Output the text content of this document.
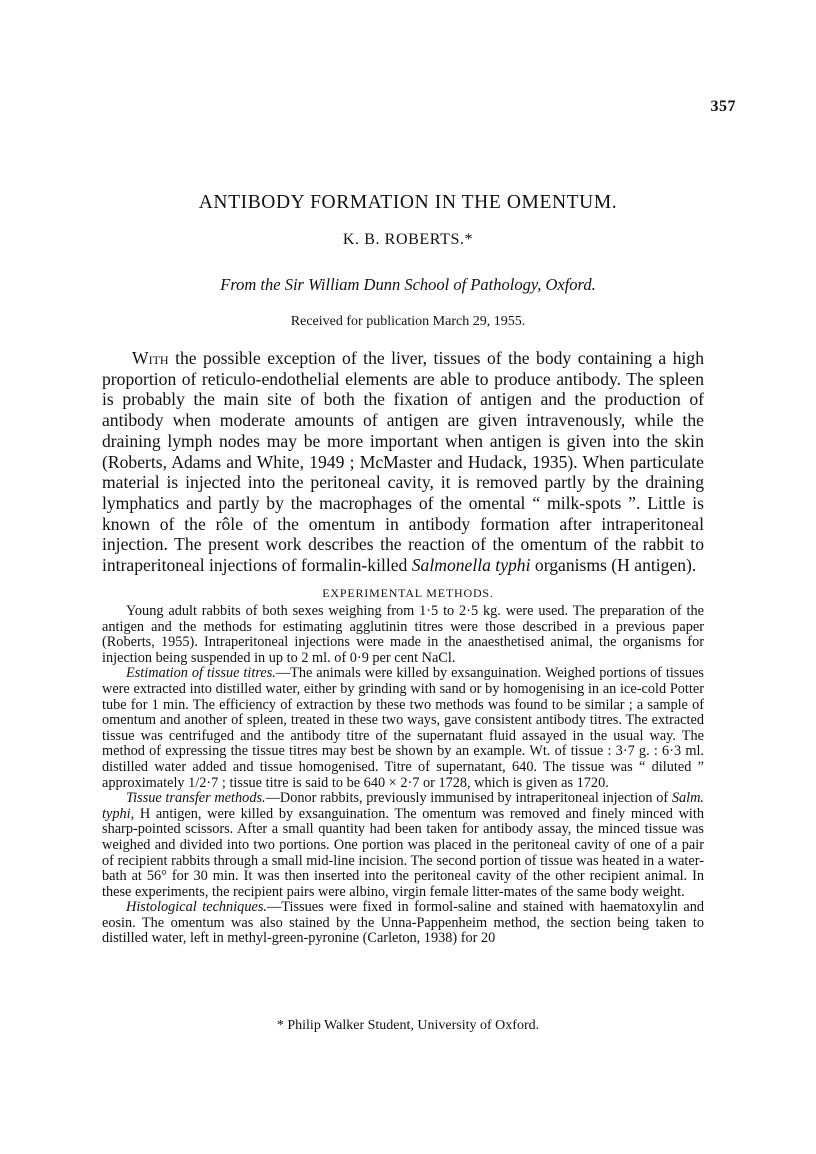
357
ANTIBODY FORMATION IN THE OMENTUM.
K. B. ROBERTS.*
From the Sir William Dunn School of Pathology, Oxford.
Received for publication March 29, 1955.

With the possible exception of the liver, tissues of the body containing a high proportion of reticulo-endothelial elements are able to produce antibody. The spleen is probably the main site of both the fixation of antigen and the production of antibody when moderate amounts of antigen are given intravenously, while the draining lymph nodes may be more important when antigen is given into the skin (Roberts, Adams and White, 1949 ; McMaster and Hudack, 1935). When particulate material is injected into the peritoneal cavity, it is removed partly by the draining lymphatics and partly by the macrophages of the omental “ milk-spots ”. Little is known of the rôle of the omentum in antibody formation after intraperitoneal injection. The present work describes the reaction of the omentum of the rabbit to intraperitoneal injections of formalin-killed Salmonella typhi organisms (H antigen).

EXPERIMENTAL METHODS.

Young adult rabbits of both sexes weighing from 1·5 to 2·5 kg. were used. The preparation of the antigen and the methods for estimating agglutinin titres were those described in a previous paper (Roberts, 1955). Intraperitoneal injections were made in the anaesthetised animal, the organisms for injection being suspended in up to 2 ml. of 0·9 per cent NaCl.

Estimation of tissue titres.—The animals were killed by exsanguination. Weighed portions of tissues were extracted into distilled water, either by grinding with sand or by homogenising in an ice-cold Potter tube for 1 min. The efficiency of extraction by these two methods was found to be similar ; a sample of omentum and another of spleen, treated in these two ways, gave consistent antibody titres. The extracted tissue was centrifuged and the antibody titre of the supernatant fluid assayed in the usual way. The method of expressing the tissue titres may best be shown by an example. Wt. of tissue : 3·7 g. : 6·3 ml. distilled water added and tissue homogenised. Titre of supernatant, 640. The tissue was “ diluted ” approximately 1/2·7 ; tissue titre is said to be 640 × 2·7 or 1728, which is given as 1720.

Tissue transfer methods.—Donor rabbits, previously immunised by intraperitoneal injection of Salm. typhi, H antigen, were killed by exsanguination. The omentum was removed and finely minced with sharp-pointed scissors. After a small quantity had been taken for antibody assay, the minced tissue was weighed and divided into two portions. One portion was placed in the peritoneal cavity of one of a pair of recipient rabbits through a small mid-line incision. The second portion of tissue was heated in a water-bath at 56° for 30 min. It was then inserted into the peritoneal cavity of the other recipient animal. In these experiments, the recipient pairs were albino, virgin female litter-mates of the same body weight.

Histological techniques.—Tissues were fixed in formol-saline and stained with haematoxylin and eosin. The omentum was also stained by the Unna-Pappenheim method, the section being taken to distilled water, left in methyl-green-pyronine (Carleton, 1938) for 20

* Philip Walker Student, University of Oxford.
